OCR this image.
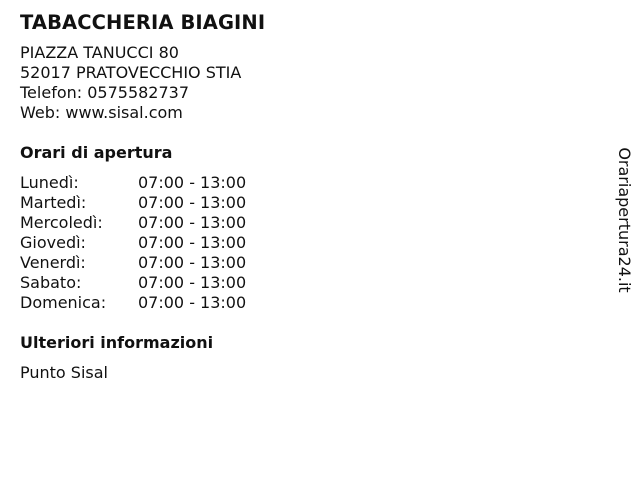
TABACCHERIA BIAGINI
PIAZZA TANUCCI 80
52017 PRATOVECCHIO STIA
Telefon: 0575582737
Web: www.sisal.com
Orari di apertura
Lunedì:	07:00 - 13:00
Martedì:	07:00 - 13:00
Mercoledì: 07:00 - 13:00
Giovedì:	07:00 - 13:00
Venerdì:	07:00 - 13:00
Sabato:	07:00 - 13:00
Domenica: 07:00 - 13:00
Ulteriori informazioni
Punto Sisal
Orariapertura24.it
